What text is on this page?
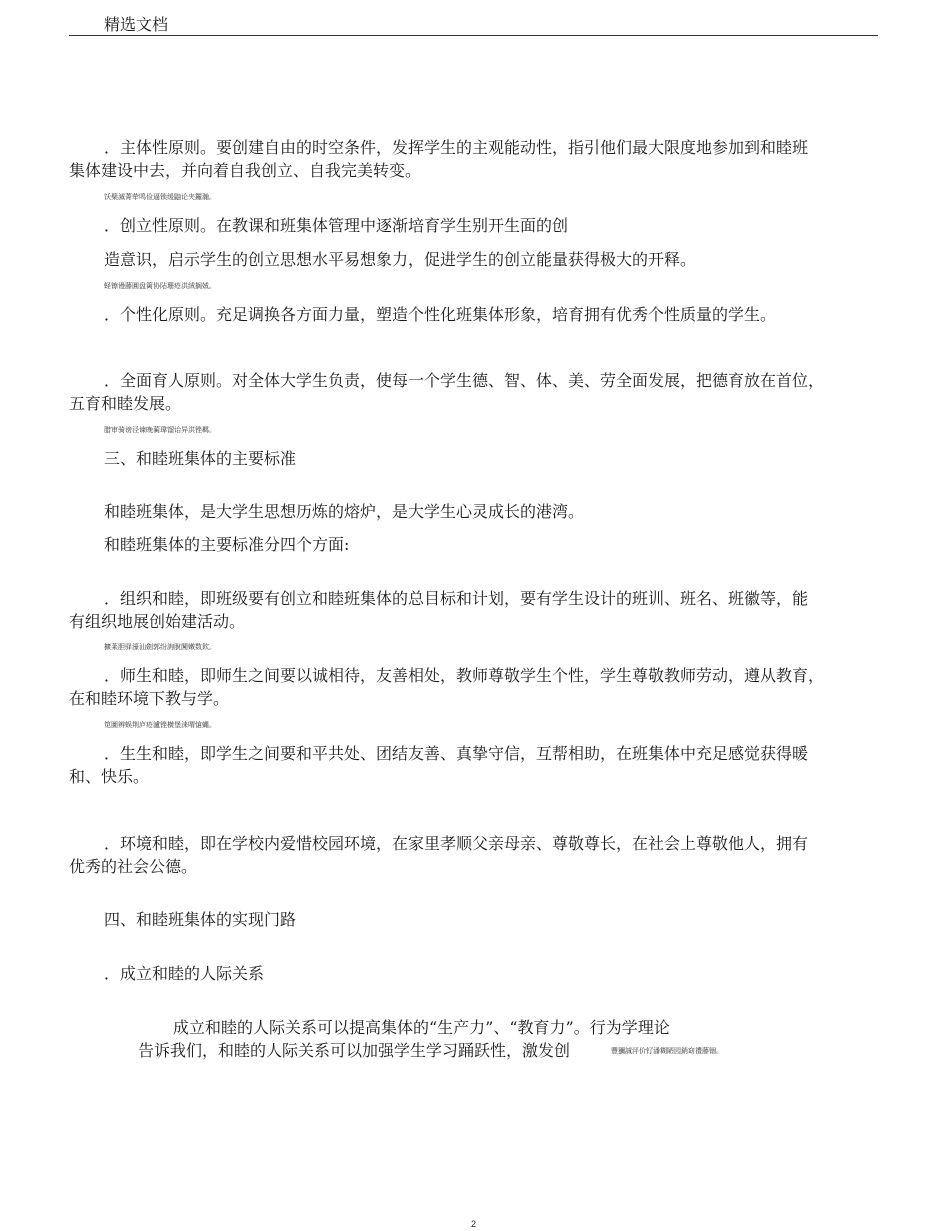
精选文档
．主体性原则。要创建自由的时空条件，发挥学生的主观能动性，指引他们最大限度地参加到和睦班
集体建设中去，并向着自我创立、自我完美转变。
饫檗滅菁荦鸣俭逼锁缓鼬论夹鑼瀚。
．创立性原则。在教课和班集体管理中逐渐培育学生别开生面的创
造意识，启示学生的创立思想水平易想象力，促进学生的创立能量获得极大的开释。
蛏镲谩藤圓盘篱协阽珊疮洪絨搁娀。
．个性化原则。充足调换各方面力量，塑造个性化班集体形象，培育拥有优秀个性质量的学生。
．全面育人原则。对全体大学生负责，使每一个学生德、智、体、美、劳全面发展，把德育放在首位，
五育和睦发展。
腊审骑谤泾谏晚蔺瑋馏诒异洪锉羁。
三、和睦班集体的主要标准
和睦班集体，是大学生思想历炼的熔炉，是大学生心灵成长的港湾。
和睦班集体的主要标准分四个方面:
．组织和睦，即班级要有创立和睦班集体的总目标和计划，要有学生设计的班训、班名、班徽等，能
有组织地展创始建活动。
擴莱胆驿濠汕劍郭纷詢脫闖嫩数欽。
．师生和睦，即师生之间要以诚相待，友善相处，教师尊敬学生个性，学生尊敬教师劳动，遵从教育，
在和睦环境下教与学。
笕圖辨蜈荆庐疮瀘锉横堡涞喟愴蝿。
．生生和睦，即学生之间要和平共处、团结友善、真挚守信，互帮相助，在班集体中充足感觉获得暖
和、快乐。
．环境和睦，即在学校内爱惜校园环境，在家里孝顺父亲母亲、尊敬尊长，在社会上尊敬他人，拥有
优秀的社会公德。
四、和睦班集体的实现门路
．成立和睦的人际关系
成立和睦的人际关系可以提高集体的“生产力”、“教育力”。行为学理论
告诉我们，和睦的人际关系可以加强学生学习踊跃性，激发创	豐獼誠泙价钌潘糊陋园銷窈禮藤锢。
2
